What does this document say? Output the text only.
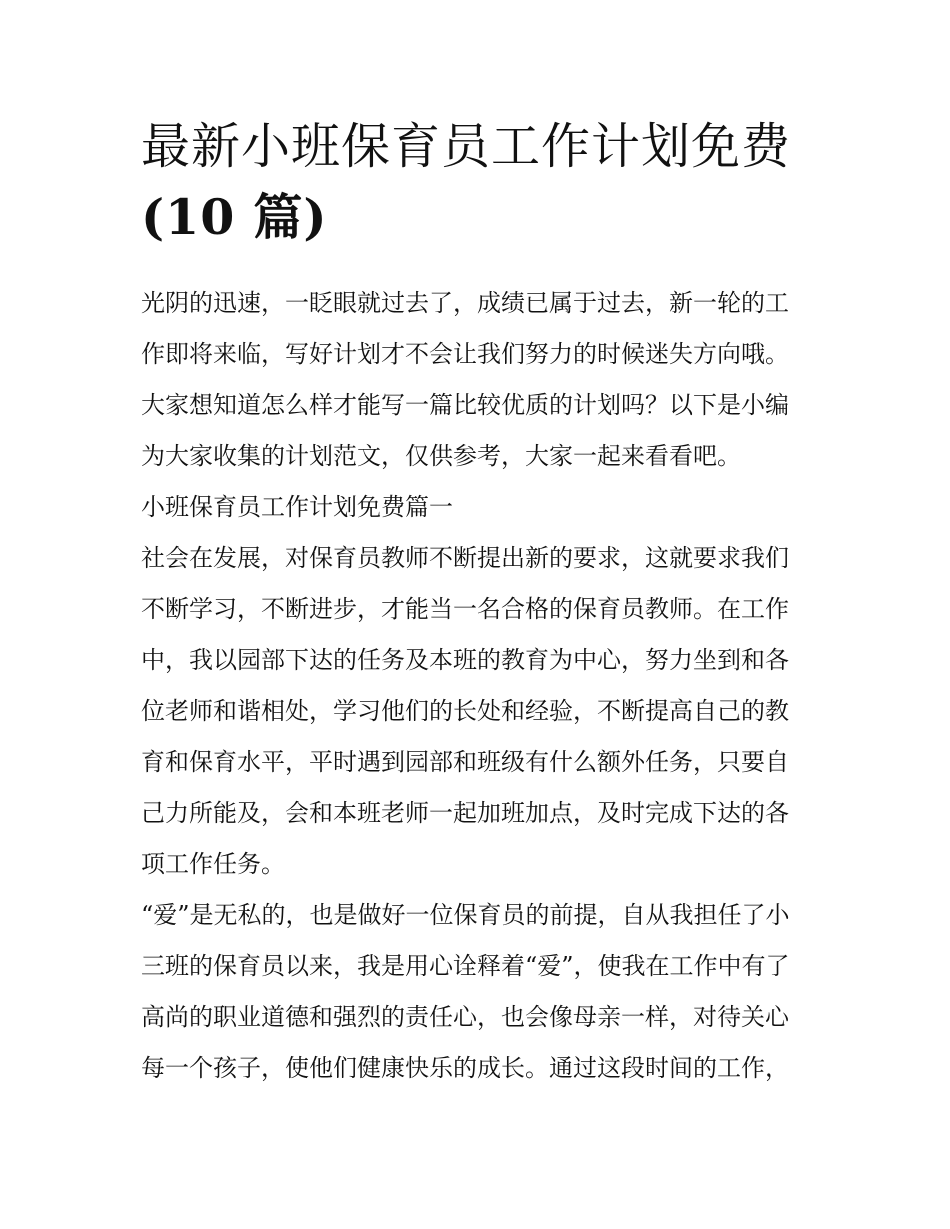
最新小班保育员工作计划免费
(10 篇)

光阴的迅速，一眨眼就过去了，成绩已属于过去，新一轮的工
作即将来临，写好计划才不会让我们努力的时候迷失方向哦。
大家想知道怎么样才能写一篇比较优质的计划吗？以下是小编
为大家收集的计划范文，仅供参考，大家一起来看看吧。

小班保育员工作计划免费篇一

社会在发展，对保育员教师不断提出新的要求，这就要求我们
不断学习，不断进步，才能当一名合格的保育员教师。在工作
中，我以园部下达的任务及本班的教育为中心，努力坐到和各
位老师和谐相处，学习他们的长处和经验，不断提高自己的教
育和保育水平，平时遇到园部和班级有什么额外任务，只要自
己力所能及，会和本班老师一起加班加点，及时完成下达的各
项工作任务。

“爱”是无私的，也是做好一位保育员的前提，自从我担任了小
三班的保育员以来，我是用心诠释着“爱”，使我在工作中有了
高尚的职业道德和强烈的责任心，也会像母亲一样，对待关心
每一个孩子，使他们健康快乐的成长。通过这段时间的工作，
